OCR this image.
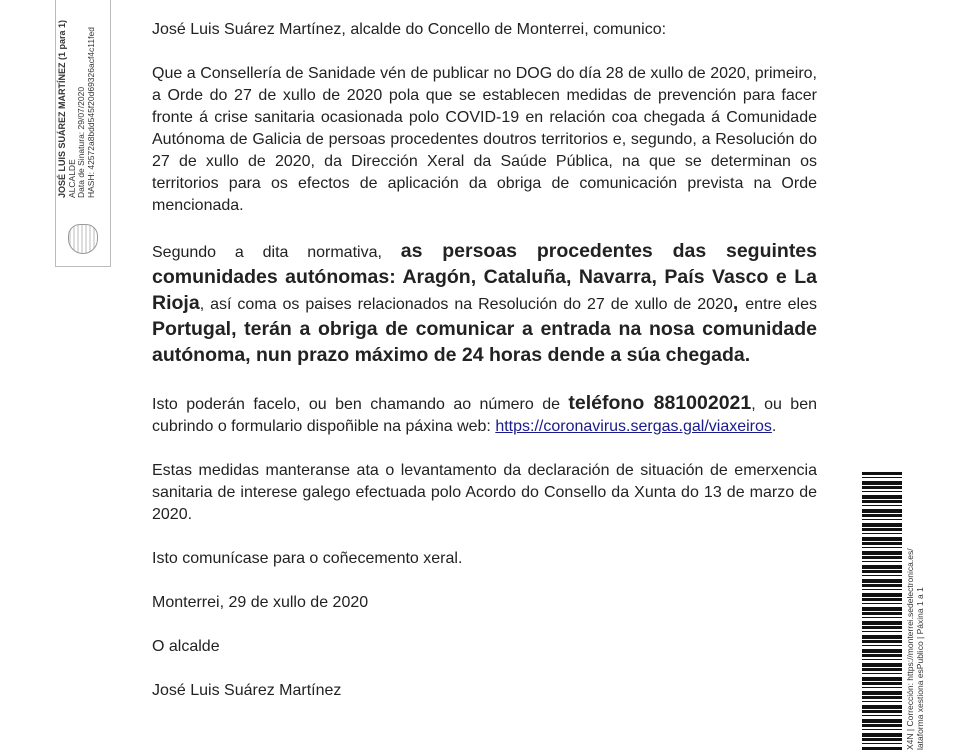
JOSÉ LUIS SUÁREZ MARTÍNEZ (1 para 1)
ALCALDE
Data de Sinatura: 29/07/2020
HASH: 42572a8bdd545f20d69326acf4c11fed	José Luis Suárez Martínez, alcalde do Concello de Monterrei, comunico:

Que a Consellería de Sanidade vén de publicar no DOG do día 28 de xullo de 2020, primeiro, a Orde do 27 de xullo de 2020 pola que se establecen medidas de prevención para facer fronte á crise sanitaria ocasionada polo COVID-19 en relación coa chegada á Comunidade Autónoma de Galicia de persoas procedentes doutros territorios e, segundo, a Resolución do 27 de xullo de 2020, da Dirección Xeral da Saúde Pública, na que se determinan os territorios para os efectos de aplicación da obriga de comunicación prevista na Orde mencionada.

Segundo a dita normativa, as persoas procedentes das seguintes comunidades autónomas: Aragón, Cataluña, Navarra, País Vasco e La Rioja, así coma os paises relacionados na Resolución do 27 de xullo de 2020, entre eles Portugal, terán a obriga de comunicar a entrada na nosa comunidade autónoma, nun prazo máximo de 24 horas dende a súa chegada.

Isto poderán facelo, ou ben chamando ao número de teléfono 881002021, ou ben cubrindo o formulario dispoñible na páxina web: https://coronavirus.sergas.gal/viaxeiros.

Estas medidas manteranse ata o levantamento da declaración de situación de emerxencia sanitaria de interese galego efectuada polo Acordo do Consello da Xunta do 13 de marzo de 2020.

Isto comunícase para o coñecemento xeral.

Monterrei, 29 de xullo de 2020

O alcalde

José Luis Suárez Martínez	X4N | Corrección: https://monterrei.sedelectronica.es/
lataforma xestiona esPublico | Páxina 1 a 1
